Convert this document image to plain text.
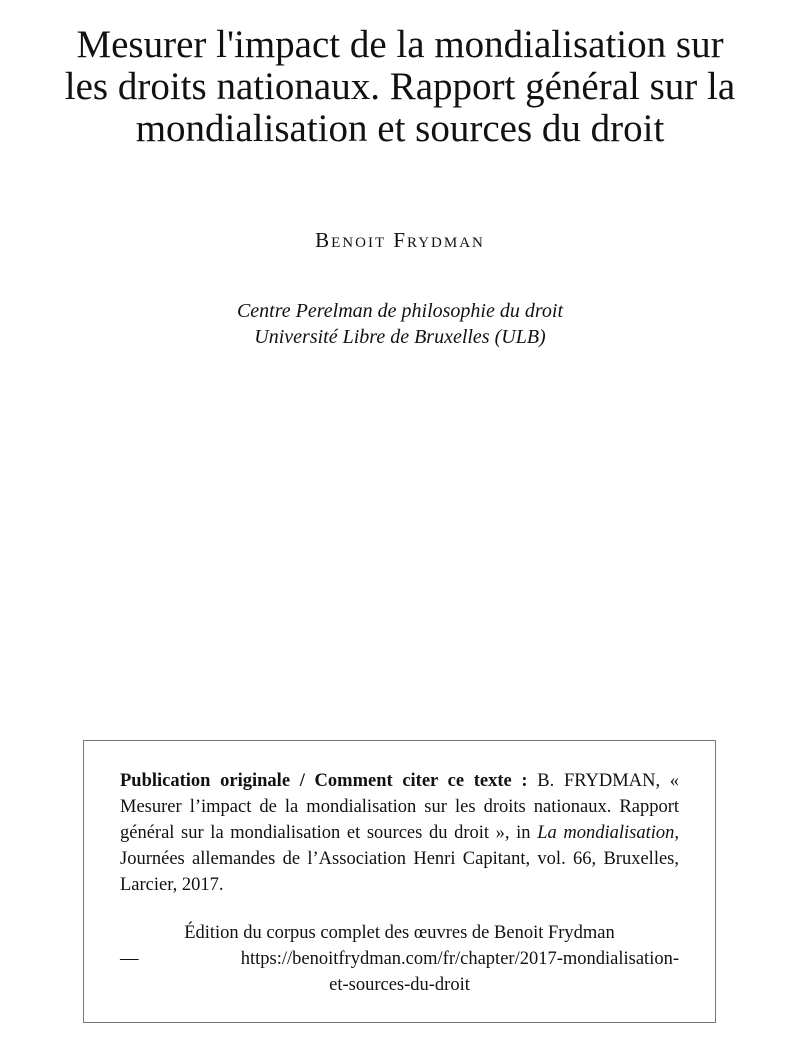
Mesurer l'impact de la mondialisation sur
les droits nationaux. Rapport général sur la
mondialisation et sources du droit
Benoit Frydman
Centre Perelman de philosophie du droit
Université Libre de Bruxelles (ULB)
Publication originale / Comment citer ce texte : B. FRYDMAN, « Mesurer l’impact de la mondialisation sur les droits nationaux. Rapport général sur la mondialisation et sources du droit », in La mondialisation, Journées allemandes de l’Association Henri Capitant, vol. 66, Bruxelles, Larcier, 2017.
Édition du corpus complet des œuvres de Benoit Frydman
—	https://benoitfrydman.com/fr/chapter/2017-mondialisation-
et-sources-du-droit
